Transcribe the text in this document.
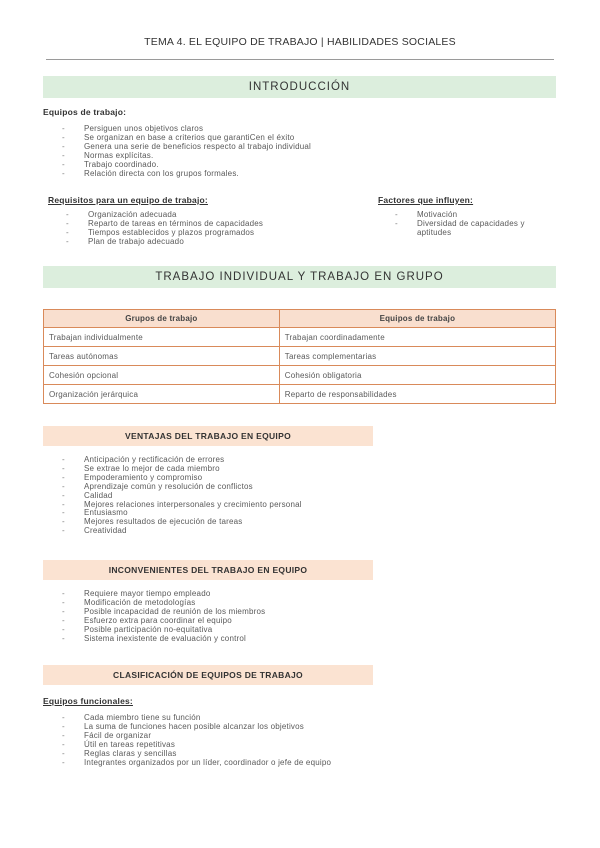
TEMA 4. EL EQUIPO DE TRABAJO | HABILIDADES SOCIALES
INTRODUCCIÓN
Equipos de trabajo:
- Persiguen unos objetivos claros
- Se organizan en base a criterios que garantiCen el éxito
- Genera una serie de beneficios respecto al trabajo individual
- Normas explícitas.
- Trabajo coordinado.
- Relación directa con los grupos formales.
Requisitos para un equipo de trabajo:
- Organización adecuada
- Reparto de tareas en términos de capacidades
- Tiempos establecidos y plazos programados
- Plan de trabajo adecuado
Factores que influyen:
- Motivación
- Diversidad de capacidades y
aptitudes
TRABAJO INDIVIDUAL Y TRABAJO EN GRUPO
Grupos de trabajo	Equipos de trabajo
Trabajan individualmente	Trabajan coordinadamente
Tareas autónomas	Tareas complementarias
Cohesión opcional	Cohesión obligatoria
Organización jerárquica	Reparto de responsabilidades
VENTAJAS DEL TRABAJO EN EQUIPO
- Anticipación y rectificación de errores
- Se extrae lo mejor de cada miembro
- Empoderamiento y compromiso
- Aprendizaje común y resolución de conflictos
- Calidad
- Mejores relaciones interpersonales y crecimiento personal
- Entusiasmo
- Mejores resultados de ejecución de tareas
- Creatividad
INCONVENIENTES DEL TRABAJO EN EQUIPO
- Requiere mayor tiempo empleado
- Modificación de metodologías
- Posible incapacidad de reunión de los miembros
- Esfuerzo extra para coordinar el equipo
- Posible participación no-equitativa
- Sistema inexistente de evaluación y control
CLASIFICACIÓN DE EQUIPOS DE TRABAJO
Equipos funcionales:
- Cada miembro tiene su función
- La suma de funciones hacen posible alcanzar los objetivos
- Fácil de organizar
- Útil en tareas repetitivas
- Reglas claras y sencillas
- Integrantes organizados por un líder, coordinador o jefe de equipo
